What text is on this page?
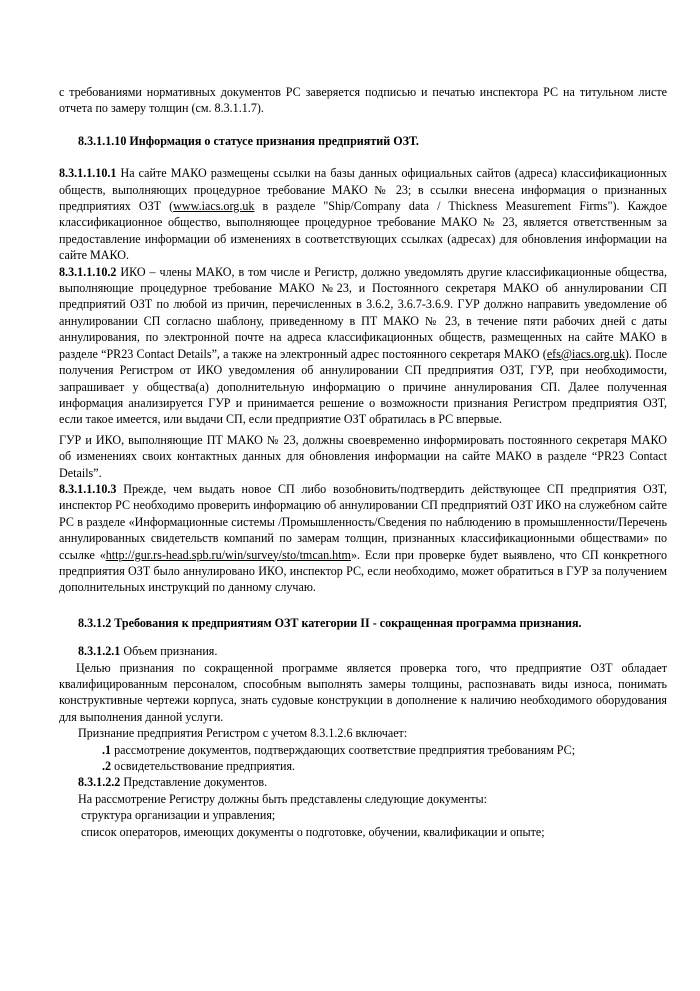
с требованиями нормативных документов РС заверяется подписью и печатью инспектора РС на титульном листе отчета по замеру толщин (см. 8.3.1.1.7).

8.3.1.1.10 Информация о статусе признания предприятий ОЗТ.

8.3.1.1.10.1 На сайте МАКО размещены ссылки на базы данных официальных сайтов (адреса) классификационных обществ, выполняющих процедурное требование МАКО № 23; в ссылки внесена информация о признанных предприятиях ОЗТ (www.iacs.org.uk в разделе "Ship/Company data / Thickness Measurement Firms"). Каждое классификационное общество, выполняющее процедурное требование МАКО № 23, является ответственным за предоставление информации об изменениях в соответствующих ссылках (адресах) для обновления информации на сайте МАКО.

8.3.1.1.10.2 ИКО – члены МАКО, в том числе и Регистр, должно уведомлять другие классификационные общества, выполняющие процедурное требование МАКО №23, и Постоянного секретаря МАКО об аннулировании СП предприятий ОЗТ по любой из причин, перечисленных в 3.6.2, 3.6.7-3.6.9. ГУР должно направить уведомление об аннулировании СП согласно шаблону, приведенному в ПТ МАКО № 23, в течение пяти рабочих дней с даты аннулирования, по электронной почте на адреса классификационных обществ, размещенных на сайте МАКО в разделе “PR23 Contact Details”, а также на электронный адрес постоянного секретаря МАКО (efs@iacs.org.uk). После получения Регистром от ИКО уведомления об аннулировании СП предприятия ОЗТ, ГУР, при необходимости, запрашивает у общества(а) дополнительную информацию о причине аннулирования СП. Далее полученная информация анализируется ГУР и принимается решение о возможности признания Регистром предприятия ОЗТ, если такое имеется, или выдачи СП, если предприятие ОЗТ обратилась в РС впервые.

ГУР и ИКО, выполняющие ПТ МАКО № 23, должны своевременно информировать постоянного секретаря МАКО об изменениях своих контактных данных для обновления информации на сайте МАКО в разделе “PR23 Contact Details”.

8.3.1.1.10.3 Прежде, чем выдать новое СП либо возобновить/подтвердить действующее СП предприятия ОЗТ, инспектор РС необходимо проверить информацию об аннулировании СП предприятий ОЗТ ИКО на служебном сайте РС в разделе «Информационные системы /Промышленность/Сведения по наблюдению в промышленности/Перечень аннулированных свидетельств компаний по замерам толщин, признанных классификационными обществами» по ссылке «http://gur.rs-head.spb.ru/win/survey/sto/tmcan.htm». Если при проверке будет выявлено, что СП конкретного предприятия ОЗТ было аннулировано ИКО, инспектор РС, если необходимо, может обратиться в ГУР за получением дополнительных инструкций по данному случаю.

8.3.1.2 Требования к предприятиям ОЗТ категории II - сокращенная программа признания.

8.3.1.2.1 Объем признания.

Целью признания по сокращенной программе является проверка того, что предприятие ОЗТ обладает квалифицированным персоналом, способным выполнять замеры толщины, распознавать виды износа, понимать конструктивные чертежи корпуса, знать судовые конструкции в дополнение к наличию необходимого оборудования для выполнения данной услуги.

Признание предприятия Регистром с учетом 8.3.1.2.6 включает:

.1 рассмотрение документов, подтверждающих соответствие предприятия требованиям РС;

.2 освидетельствование предприятия.

8.3.1.2.2 Представление документов.

На рассмотрение Регистру должны быть представлены следующие документы:

структура организации и управления;

список операторов, имеющих документы о подготовке, обучении, квалификации и опыте;
